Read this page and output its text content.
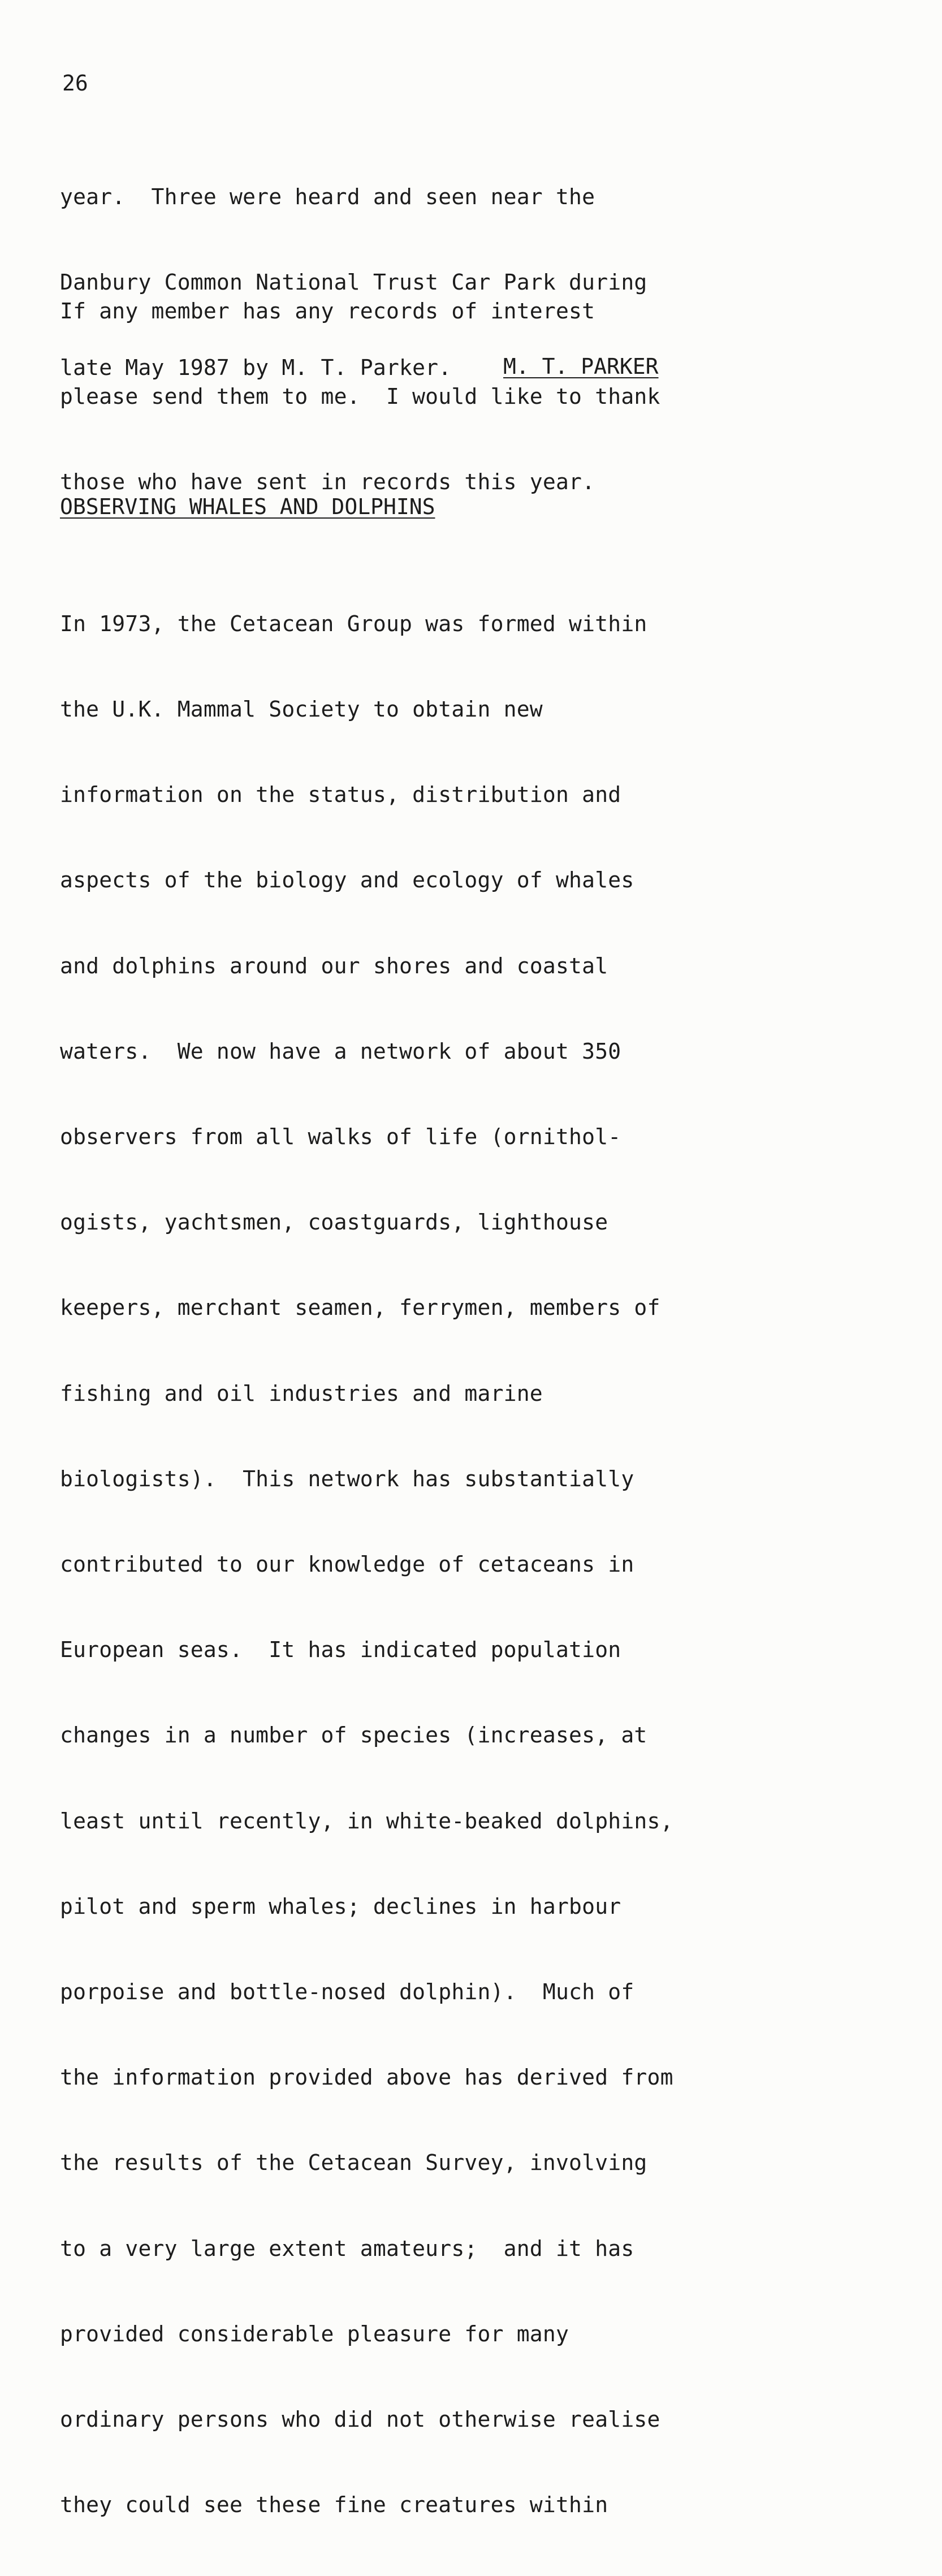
26

year.  Three were heard and seen near the

Danbury Common National Trust Car Park during

late May 1987 by M. T. Parker.

If any member has any records of interest

please send them to me.  I would like to thank

those who have sent in records this year.

M. T. PARKER
OBSERVING WHALES AND DOLPHINS

In 1973, the Cetacean Group was formed within

the U.K. Mammal Society to obtain new

information on the status, distribution and

aspects of the biology and ecology of whales

and dolphins around our shores and coastal

waters.  We now have a network of about 350

observers from all walks of life (ornithol-

ogists, yachtsmen, coastguards, lighthouse

keepers, merchant seamen, ferrymen, members of

fishing and oil industries and marine

biologists).  This network has substantially

contributed to our knowledge of cetaceans in

European seas.  It has indicated population

changes in a number of species (increases, at

least until recently, in white-beaked dolphins,

pilot and sperm whales; declines in harbour

porpoise and bottle-nosed dolphin).  Much of

the information provided above has derived from

the results of the Cetacean Survey, involving

to a very large extent amateurs;  and it has

provided considerable pleasure for many

ordinary persons who did not otherwise realise

they could see these fine creatures within
